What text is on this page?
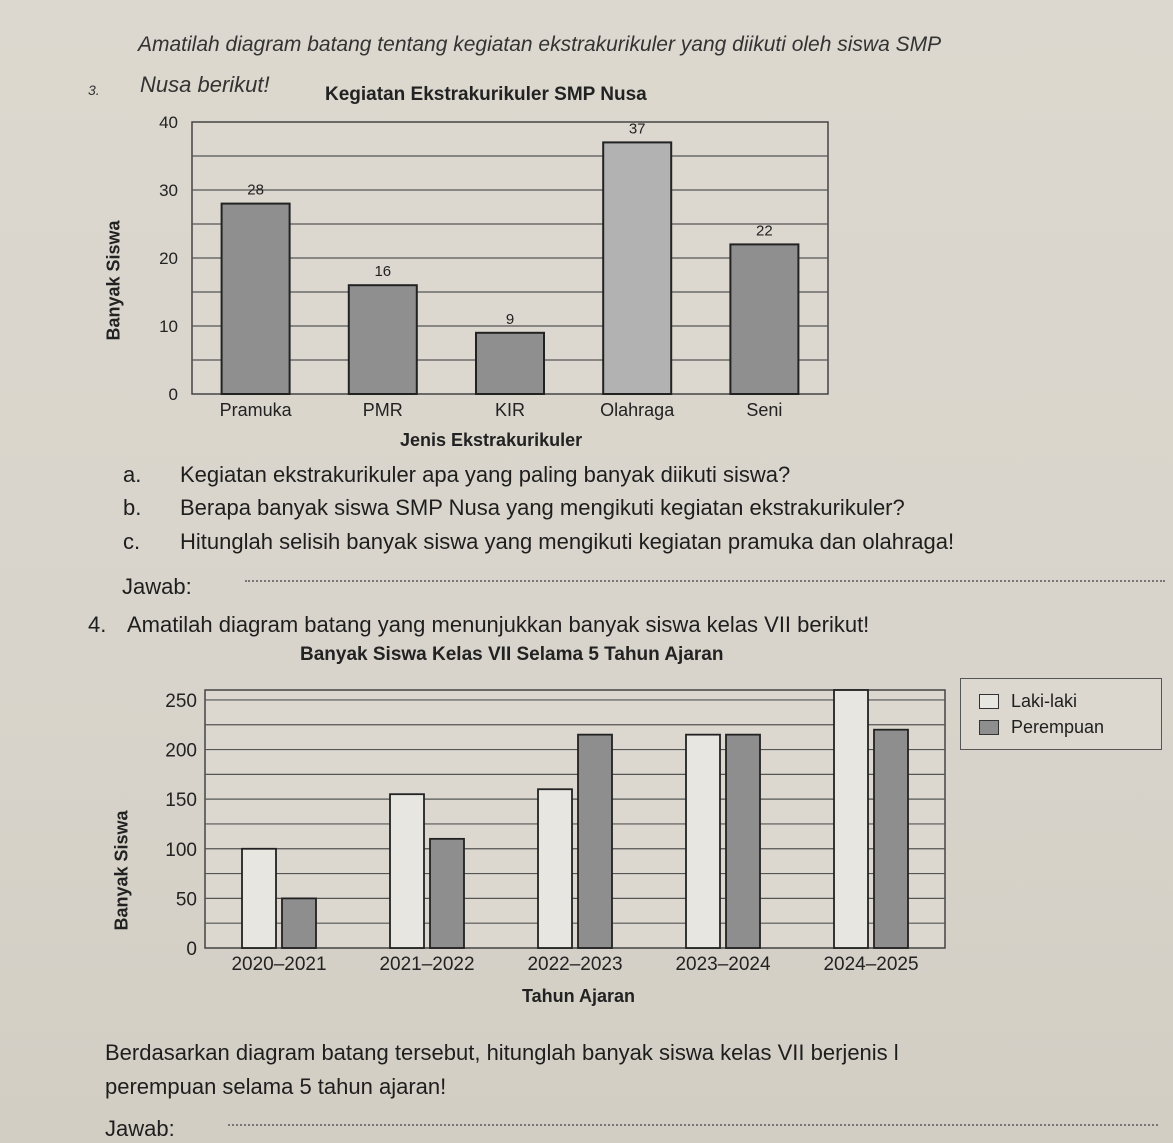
3.
Amatilah diagram batang tentang kegiatan ekstrakurikuler yang diikuti oleh siswa SMP
Nusa berikut!
0
10
20
30
40
28
Pramuka
16
PMR
9
KIR
37
Olahraga
22
Seni
0
50
100
150
200
250
2020–2021	2021–2022	2022–2023	2023–2024	2024–2025
Kegiatan Ekstrakurikuler SMP Nusa
Jenis Ekstrakurikuler
Banyak Siswa
a. Kegiatan ekstrakurikuler apa yang paling banyak diikuti siswa?
b. Berapa banyak siswa SMP Nusa yang mengikuti kegiatan ekstrakurikuler?
c. Hitunglah selisih banyak siswa yang mengikuti kegiatan pramuka dan olahraga!
Jawab:
4. Amatilah diagram batang yang menunjukkan banyak siswa kelas VII berikut!
Banyak Siswa Kelas VII Selama 5 Tahun Ajaran
Tahun Ajaran
Banyak Siswa
Laki-laki
Perempuan
Berdasarkan diagram batang tersebut, hitunglah banyak siswa kelas VII berjenis l
perempuan selama 5 tahun ajaran!
Jawab:
